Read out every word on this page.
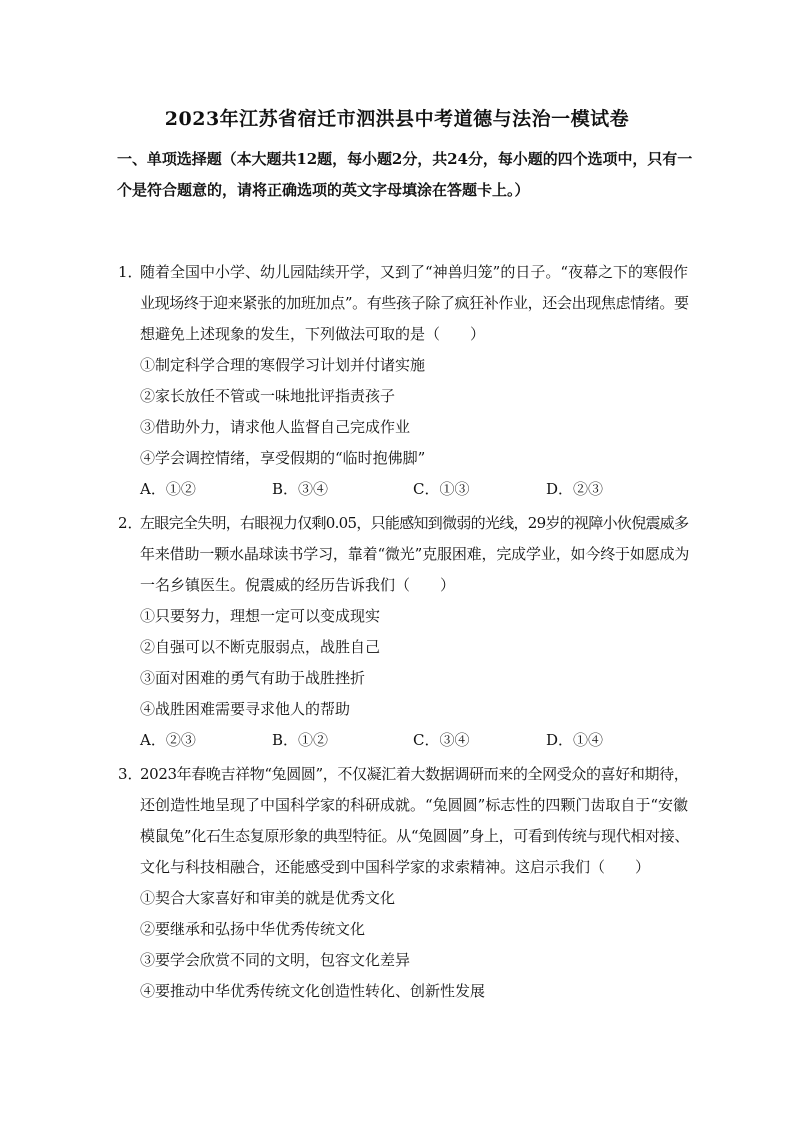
2023年江苏省宿迁市泗洪县中考道德与法治一模试卷
一、单项选择题（本大题共12题，每小题2分，共24分，每小题的四个选项中，只有一
个是符合题意的，请将正确选项的英文字母填涂在答题卡上。）
1．
随着全国中小学、幼儿园陆续开学，又到了“神兽归笼”的日子。“夜幕之下的寒假作
业现场终于迎来紧张的加班加点”。有些孩子除了疯狂补作业，还会出现焦虑情绪。要
想避免上述现象的发生，下列做法可取的是（　　）
①制定科学合理的寒假学习计划并付诸实施
②家长放任不管或一味地批评指责孩子
③借助外力，请求他人监督自己完成作业
④学会调控情绪，享受假期的“临时抱佛脚”
A．①②	B．③④	C．①③	D．②③
2．
左眼完全失明，右眼视力仅剩0.05，只能感知到微弱的光线，29岁的视障小伙倪震威多
年来借助一颗水晶球读书学习，靠着“微光”克服困难，完成学业，如今终于如愿成为
一名乡镇医生。倪震威的经历告诉我们（　　）
①只要努力，理想一定可以变成现实
②自强可以不断克服弱点，战胜自己
③面对困难的勇气有助于战胜挫折
④战胜困难需要寻求他人的帮助
A．②③	B．①②	C．③④	D．①④
3．
2023年春晚吉祥物“兔圆圆”，不仅凝汇着大数据调研而来的全网受众的喜好和期待，
还创造性地呈现了中国科学家的科研成就。“兔圆圆”标志性的四颗门齿取自于“安徽
模鼠兔”化石生态复原形象的典型特征。从“兔圆圆”身上，可看到传统与现代相对接、
文化与科技相融合，还能感受到中国科学家的求索精神。这启示我们（　　）
①契合大家喜好和审美的就是优秀文化
②要继承和弘扬中华优秀传统文化
③要学会欣赏不同的文明，包容文化差异
④要推动中华优秀传统文化创造性转化、创新性发展
